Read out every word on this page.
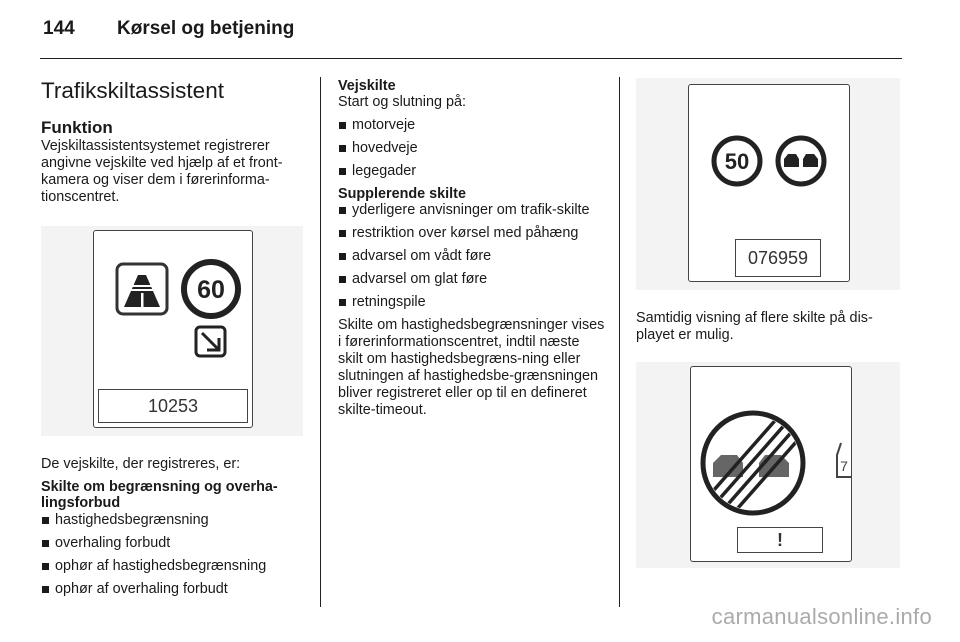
144	Kørsel og betjening
Trafikskiltassistent
Funktion

Vejskiltassistentsystemet registrerer angivne vejskilte ved hjælp af et front-kamera og viser dem i førerinforma-tionscentret.

60
10253

De vejskilte, der registreres, er:

Skilte om begrænsning og overha-lingsforbud
hastighedsbegrænsning
overhaling forbudt
ophør af hastighedsbegrænsning
ophør af overhaling forbudt
Vejskilte

Start og slutning på:

motorveje
hovedveje
legegader
Supplerende skilte
yderligere anvisninger om trafik-skilte
restriktion over kørsel med påhæng
advarsel om vådt føre
advarsel om glat føre
retningspile

Skilte om hastighedsbegrænsninger vises i førerinformationscentret, indtil næste skilt om hastighedsbegræns-ning eller slutningen af hastighedsbe-grænsningen bliver registreret eller op til en defineret skilte-timeout.

50
076959

Samtidig visning af flere skilte på dis-playet er mulig.

7
!
carmanualsonline.info
